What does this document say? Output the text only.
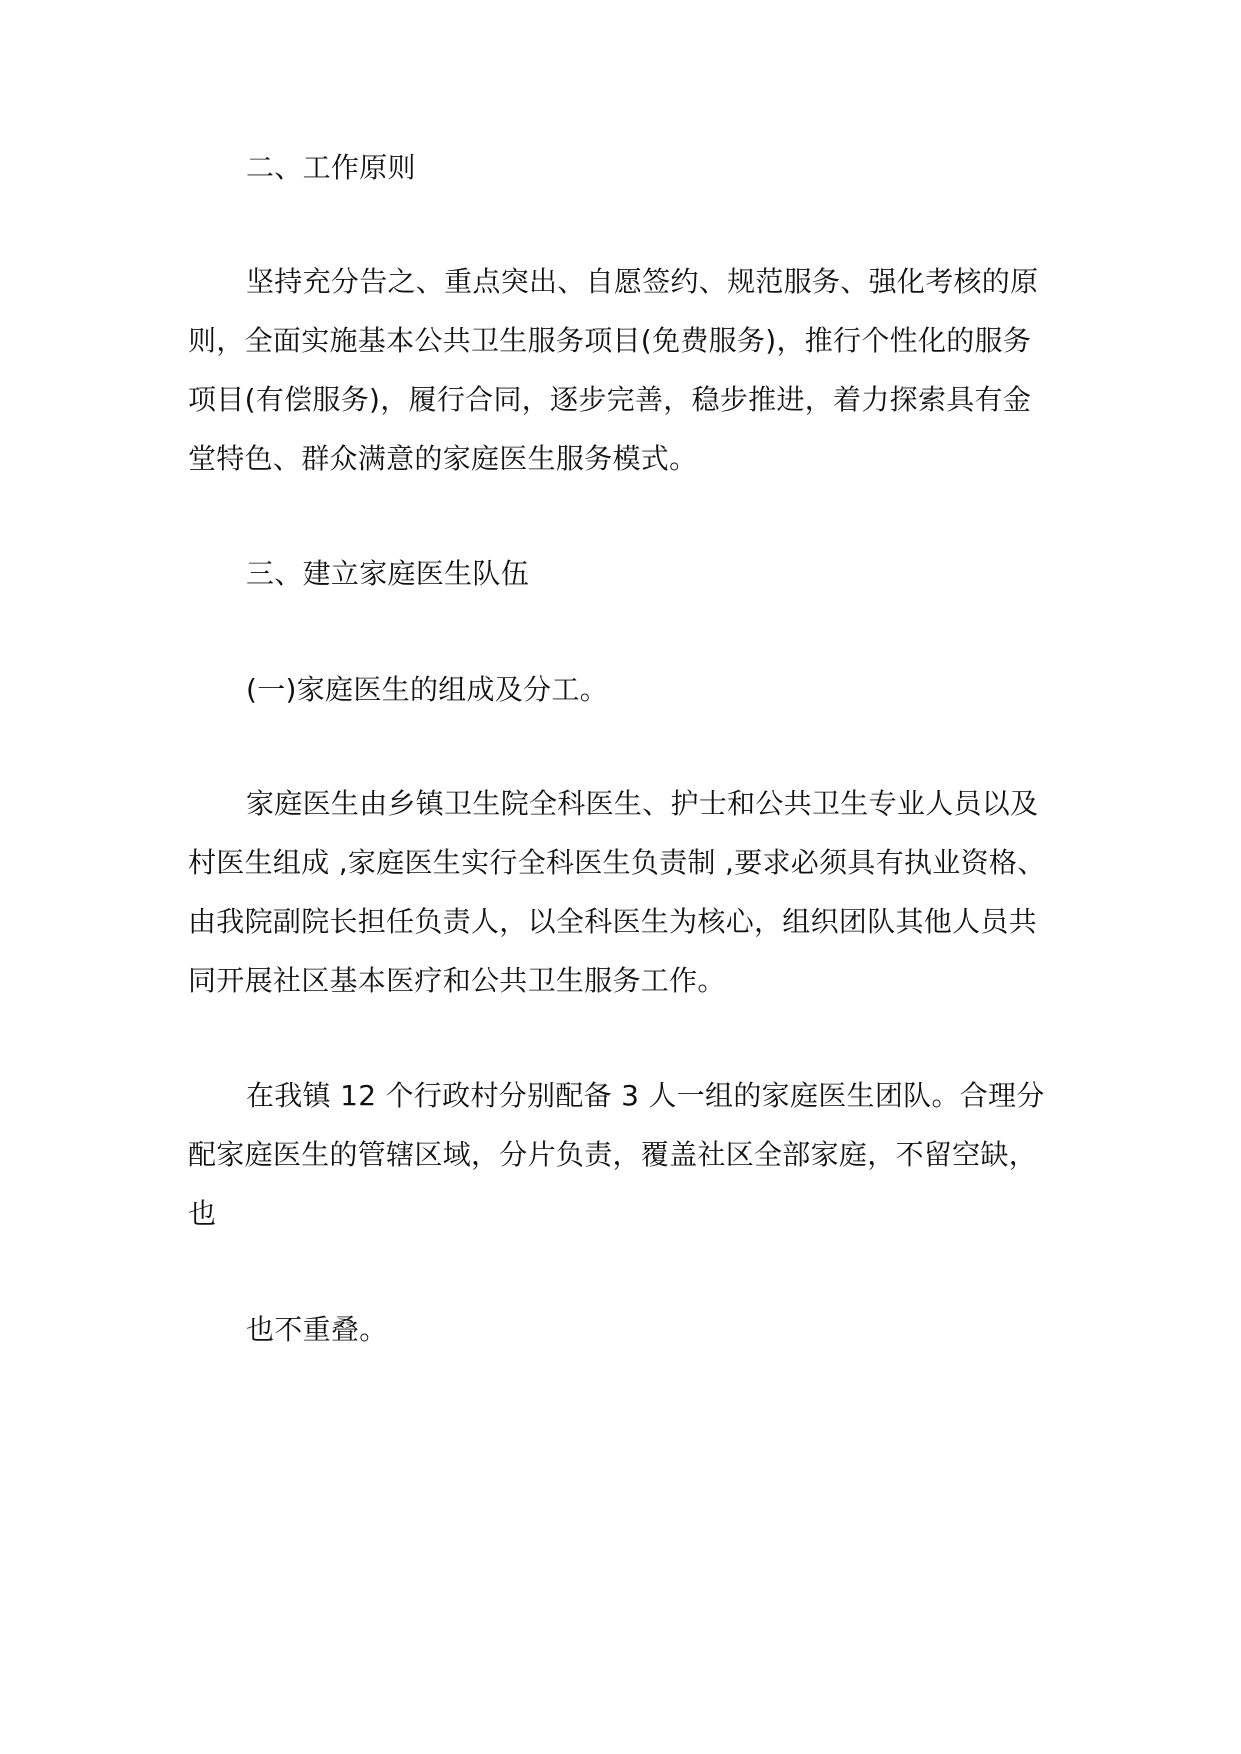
二、工作原则
坚持充分告之、重点突出、自愿签约、规范服务、强化考核的原
则，全面实施基本公共卫生服务项目(免费服务)，推行个性化的服务
项目(有偿服务)，履行合同，逐步完善，稳步推进，着力探索具有金
堂特色、群众满意的家庭医生服务模式。
三、建立家庭医生队伍
(一)家庭医生的组成及分工。
家庭医生由乡镇卫生院全科医生、护士和公共卫生专业人员以及
村医生组成 ,家庭医生实行全科医生负责制 ,要求必须具有执业资格、
由我院副院长担任负责人，以全科医生为核心，组织团队其他人员共
同开展社区基本医疗和公共卫生服务工作。
在我镇 12 个行政村分别配备 3 人一组的家庭医生团队。合理分
配家庭医生的管辖区域，分片负责，覆盖社区全部家庭，不留空缺，
也
也不重叠。
